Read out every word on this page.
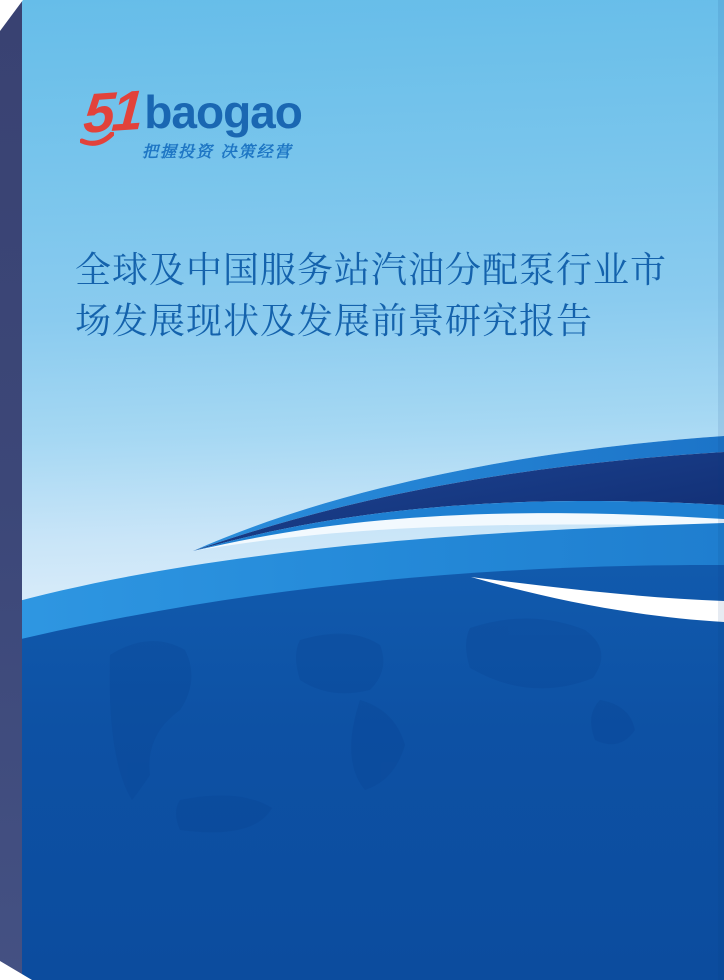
51 baogao
把握投资 决策经营
全球及中国服务站汽油分配泵行业市
场发展现状及发展前景研究报告
